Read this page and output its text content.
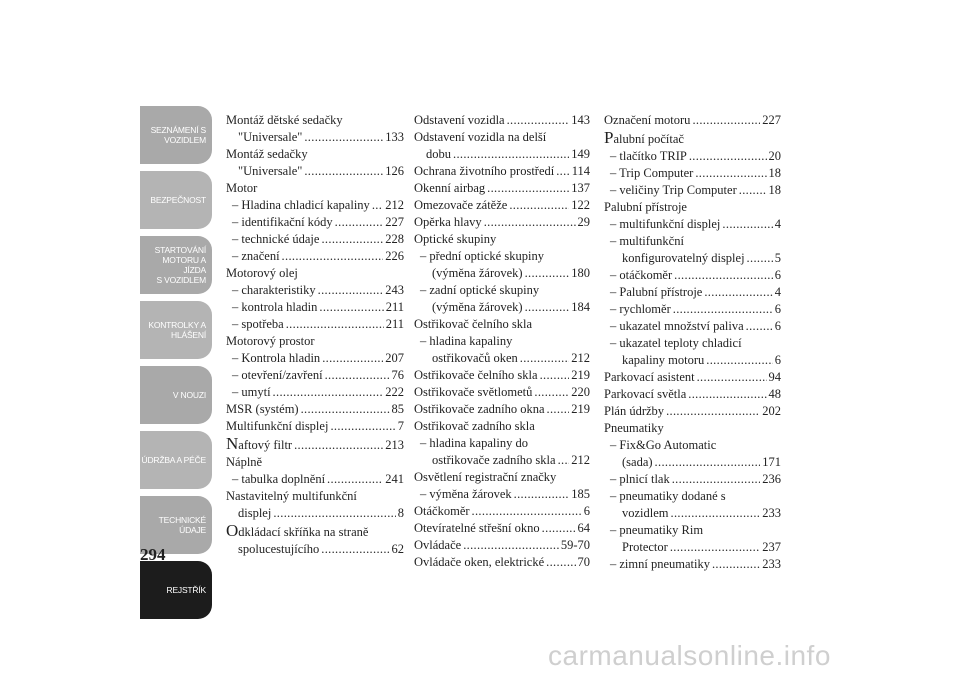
SEZNÁMENÍ S
VOZIDLEM
BEZPEČNOST
STARTOVÁNÍ
MOTORU A JÍZDA
S VOZIDLEM
KONTROLKY A
HLÁŠENÍ
V NOUZI
ÚDRŽBA A PÉČE
TECHNICKÉ
ÚDAJE
REJSTŘÍK
294
Montáž dětské sedačky
"Universale" . . .	133
Montáž sedačky
"Universale" . . .	126
Motor
– Hladina chladicí kapaliny . . . 212
– identifikační kódy . . .	227
– technické údaje . . .	228
– značení . . .	226
Motorový olej
– charakteristiky . . .	243
– kontrola hladin . . .	211
– spotřeba . . .	211
Motorový prostor
– Kontrola hladin . . .	207
– otevření/zavření . . .	76
– umytí . . .	222
MSR (systém) . . .	85
Multifunkční displej . . .	7
Naftový filtr . . .	213
Náplně
– tabulka doplnění . . .	241
Nastavitelný multifunkční
displej . . .	8
Odkládací skříňka na straně
spolucestujícího . . .	62
Odstavení vozidla . . .	143
Odstavení vozidla na delší
dobu . . .	149
Ochrana životního prostředí . . . 114
Okenní airbag . . .	137
Omezovače zátěže . . .	122
Opěrka hlavy . . .	29
Optické skupiny
– přední optické skupiny
(výměna žárovek) . . .	180
– zadní optické skupiny
(výměna žárovek) . . .	184
Ostřikovač čelního skla
– hladina kapaliny
ostřikovačů oken . . .	212
Ostřikovače čelního skla . . .	219
Ostřikovače světlometů . . .	220
Ostřikovače zadního okna . . . 219
Ostřikovač zadního skla
– hladina kapaliny do
ostřikovače zadního skla . . . 212
Osvětlení registrační značky
– výměna žárovek . . .	185
Otáčkoměr . . .	6
Otevíratelné střešní okno . . .	64
Ovládače . . .	59-70
Ovládače oken, elektrické . . .	70
Označení motoru . . .	227
Palubní počítač
– tlačítko TRIP . . .	20
– Trip Computer . . .	18
– veličiny Trip Computer . . .	18
Palubní přístroje
– multifunkční displej . . .	4
– multifunkční
konfigurovatelný displej . . . 5
– otáčkoměr . . .	6
– Palubní přístroje . . .	4
– rychloměr . . .	6
– ukazatel množství paliva . . . 6
– ukazatel teploty chladicí
kapaliny motoru . . .	6
Parkovací asistent . . .	94
Parkovací světla . . .	48
Plán údržby . . .	202
Pneumatiky
– Fix&Go Automatic
(sada) . . .	171
– plnicí tlak . . .	236
– pneumatiky dodané s
vozidlem . . .	233
– pneumatiky Rim
Protector . . .	237
– zimní pneumatiky . . .	233
carmanualsonline.info
